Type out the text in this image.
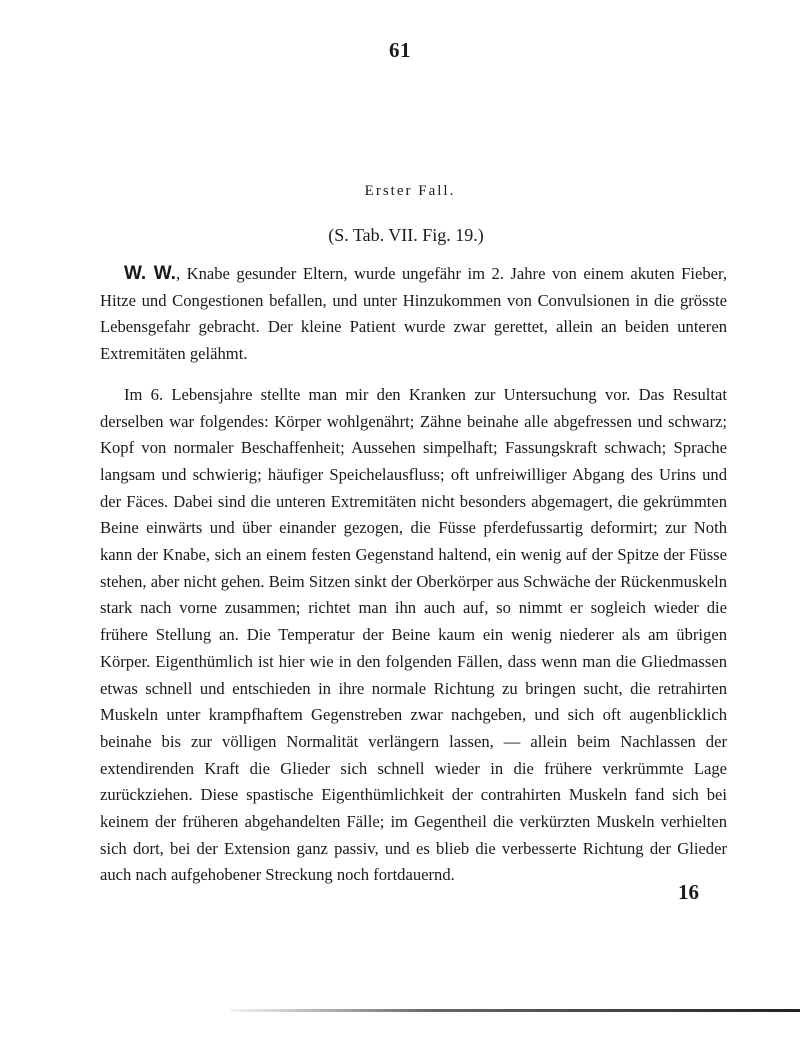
61
Erster Fall.
(S. Tab. VII. Fig. 19.)

W. W., Knabe gesunder Eltern, wurde ungefähr im 2. Jahre von einem akuten Fieber, Hitze und Congestionen befallen, und unter Hinzukommen von Convulsionen in die grösste Lebensgefahr gebracht. Der kleine Patient wurde zwar gerettet, allein an beiden unteren Extremitäten gelähmt.

Im 6. Lebensjahre stellte man mir den Kranken zur Untersuchung vor. Das Resultat derselben war folgendes: Körper wohlgenährt; Zähne beinahe alle abgefressen und schwarz; Kopf von normaler Beschaffenheit; Aussehen simpelhaft; Fassungskraft schwach; Sprache langsam und schwierig; häufiger Speichelausfluss; oft unfreiwilliger Abgang des Urins und der Fäces. Dabei sind die unteren Extremitäten nicht besonders abgemagert, die gekrümmten Beine einwärts und über einander gezogen, die Füsse pferdefussartig deformirt; zur Noth kann der Knabe, sich an einem festen Gegenstand haltend, ein wenig auf der Spitze der Füsse stehen, aber nicht gehen. Beim Sitzen sinkt der Oberkörper aus Schwäche der Rückenmuskeln stark nach vorne zusammen; richtet man ihn auch auf, so nimmt er sogleich wieder die frühere Stellung an. Die Temperatur der Beine kaum ein wenig niederer als am übrigen Körper. Eigenthümlich ist hier wie in den folgenden Fällen, dass wenn man die Gliedmassen etwas schnell und entschieden in ihre normale Richtung zu bringen sucht, die retrahirten Muskeln unter krampfhaftem Gegenstreben zwar nachgeben, und sich oft augenblicklich beinahe bis zur völligen Normalität verlängern lassen, — allein beim Nachlassen der extendirenden Kraft die Glieder sich schnell wieder in die frühere verkrümmte Lage zurückziehen. Diese spastische Eigenthümlichkeit der contrahirten Muskeln fand sich bei keinem der früheren abgehandelten Fälle; im Gegentheil die verkürzten Muskeln verhielten sich dort, bei der Extension ganz passiv, und es blieb die verbesserte Richtung der Glieder auch nach aufgehobener Streckung noch fortdauernd.

16
